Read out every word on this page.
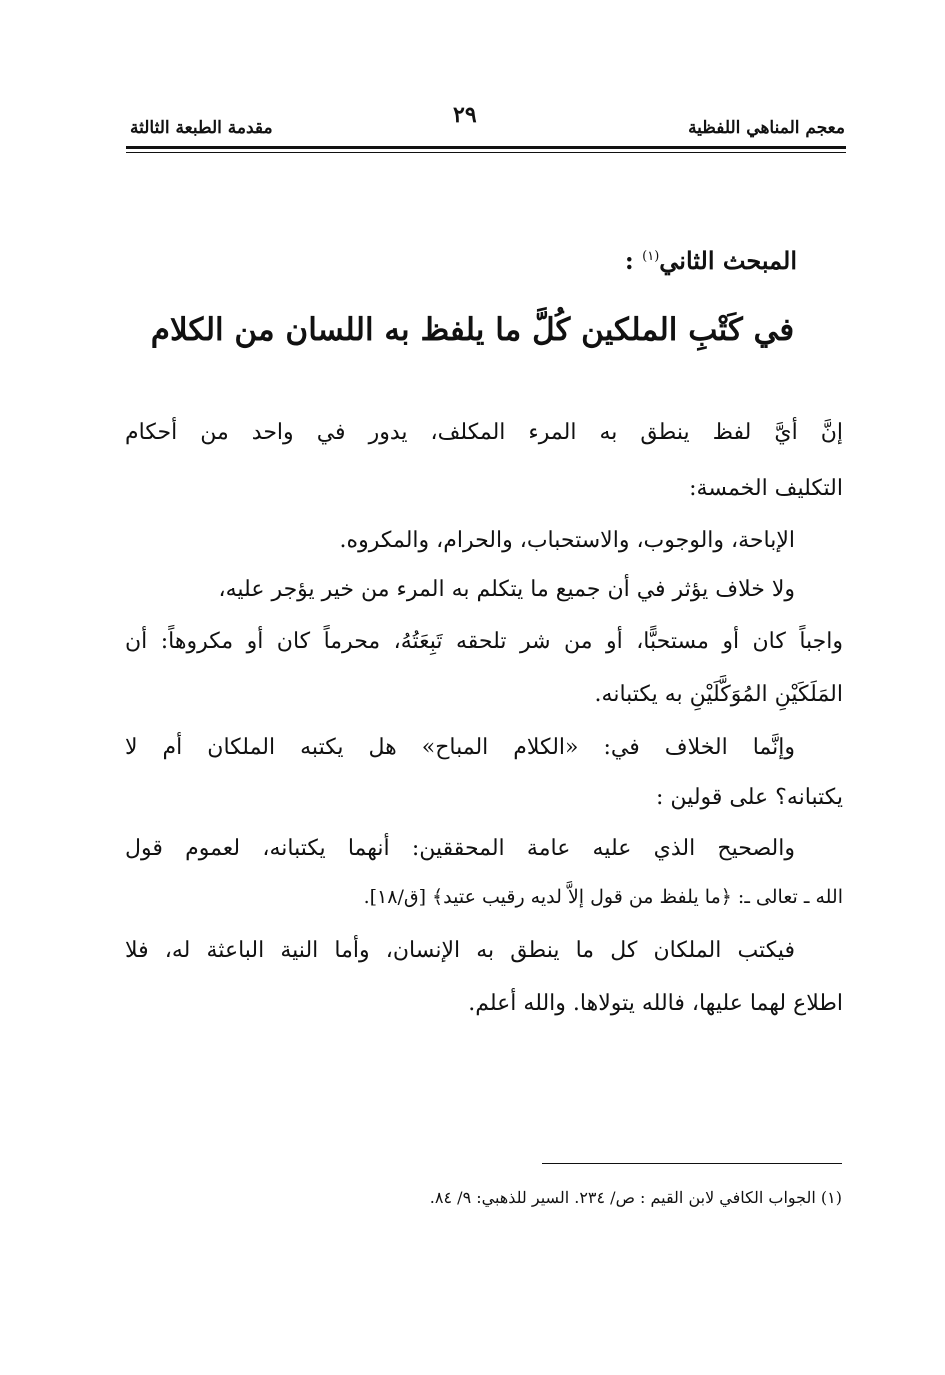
معجم المناهي اللفظية
٢٩
مقدمة الطبعة الثالثة
المبحث الثاني$^{(١)}$ :
في كَتْبِ الملكين كُلَّ ما يلفظ به اللسان من الكلام
إنَّ أيَّ لفظ ينطق به المرء المكلف، يدور في واحد من أحكام
التكليف الخمسة:
الإباحة، والوجوب، والاستحباب، والحرام، والمكروه.
ولا خلاف يؤثر في أن جميع ما يتكلم به المرء من خير يؤجر عليه،
واجباً كان أو مستحبًّا، أو من شر تلحقه تَبِعَتُهُ، محرماً كان أو مكروهاً: أن
المَلَكَيْنِ المُوَكَّلَيْنِ به يكتبانه.
وإنَّما الخلاف في: «الكلام المباح» هل يكتبه الملكان أم لا
يكتبانه؟ على قولين :
والصحيح الذي عليه عامة المحققين: أنهما يكتبانه، لعموم قول
الله ـ تعالى ـ: ﴿ما يلفظ من قول إلاَّ لديه رقيب عتيد﴾ [ق/١٨].
فيكتب الملكان كل ما ينطق به الإنسان، وأما النية الباعثة له، فلا
اطلاع لهما عليها، فالله يتولاها. والله أعلم.
(١) الجواب الكافي لابن القيم : ص/ ٢٣٤. السير للذهبي: ٩/ ٨٤.
